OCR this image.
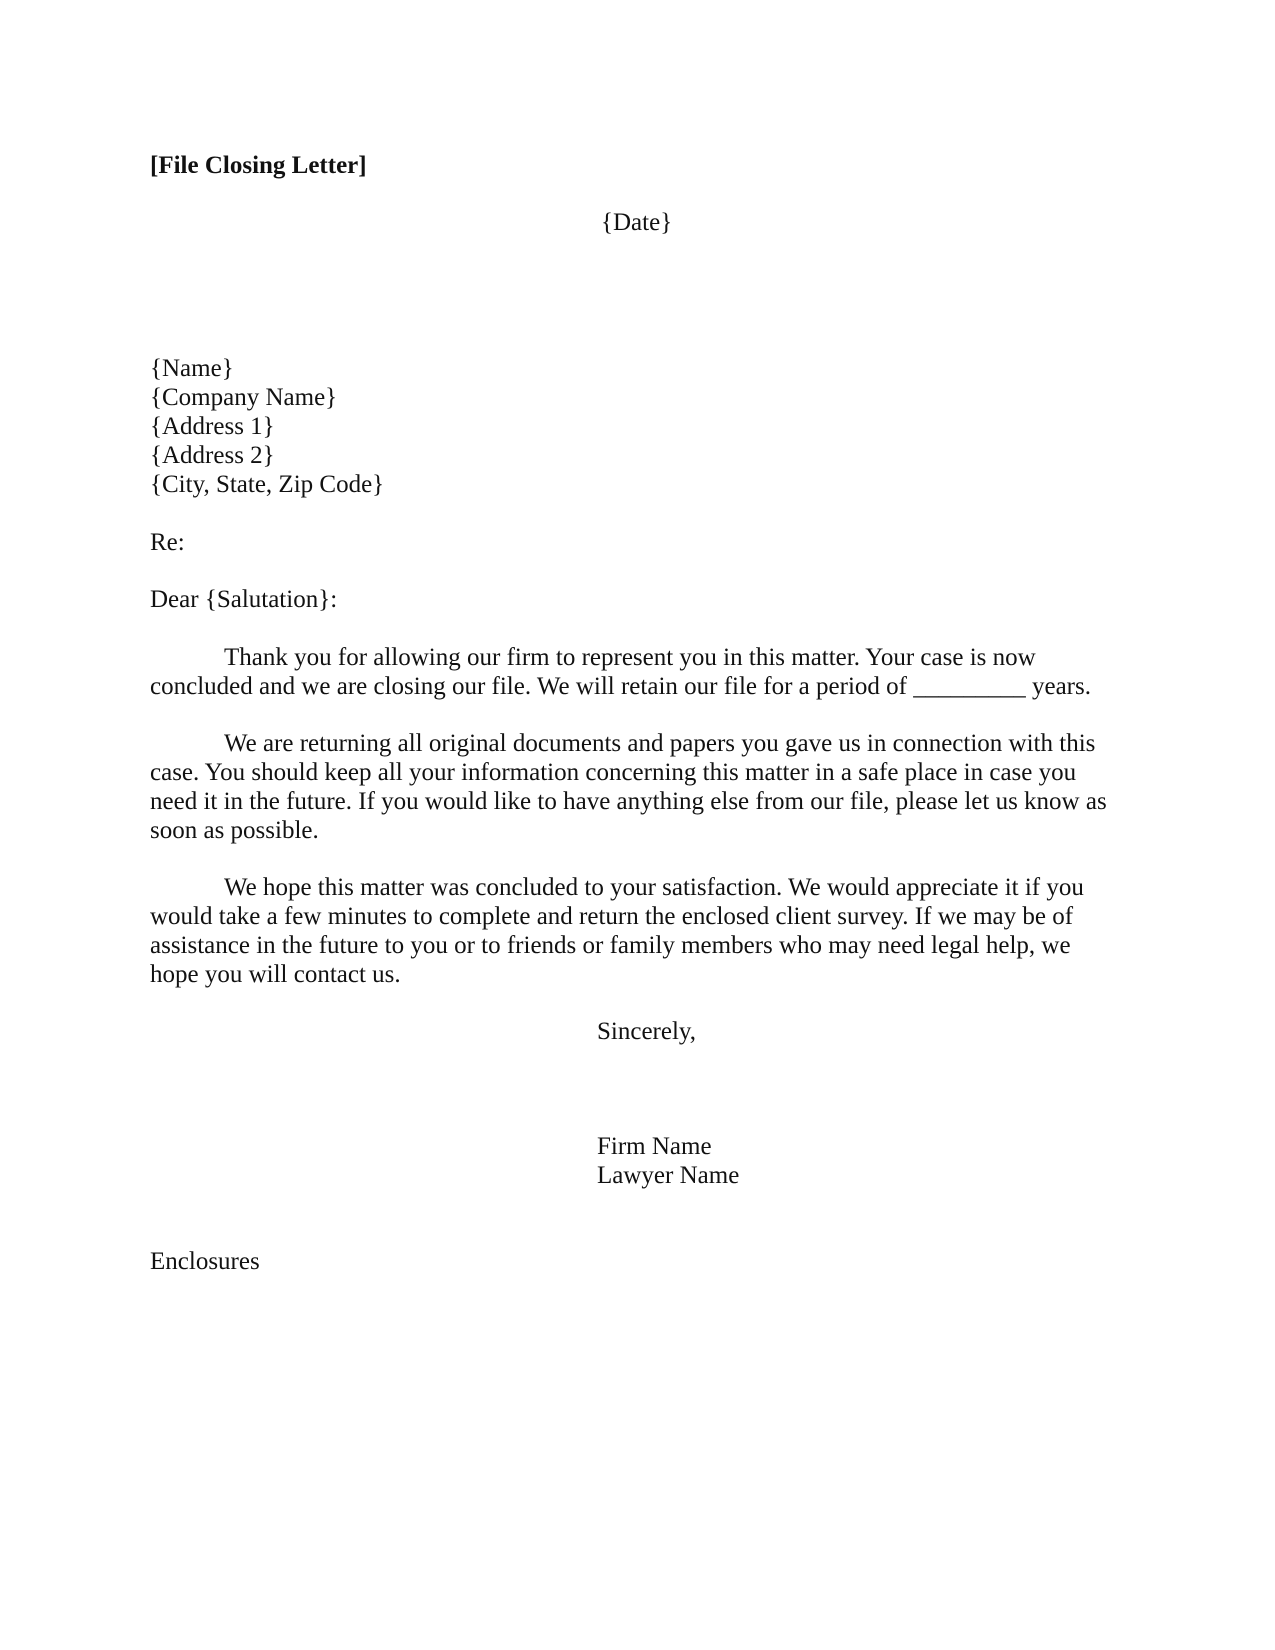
[File Closing Letter]
{Date}
{Name}
{Company Name}
{Address 1}
{Address 2}
{City, State, Zip Code}
Re:
Dear {Salutation}:

Thank you for allowing our firm to represent you in this matter. Your case is now concluded and we are closing our file. We will retain our file for a period of _________ years.

We are returning all original documents and papers you gave us in connection with this case. You should keep all your information concerning this matter in a safe place in case you need it in the future. If you would like to have anything else from our file, please let us know as soon as possible.

We hope this matter was concluded to your satisfaction. We would appreciate it if you would take a few minutes to complete and return the enclosed client survey. If we may be of assistance in the future to you or to friends or family members who may need legal help, we hope you will contact us.

Sincerely,
Firm Name
Lawyer Name
Enclosures
